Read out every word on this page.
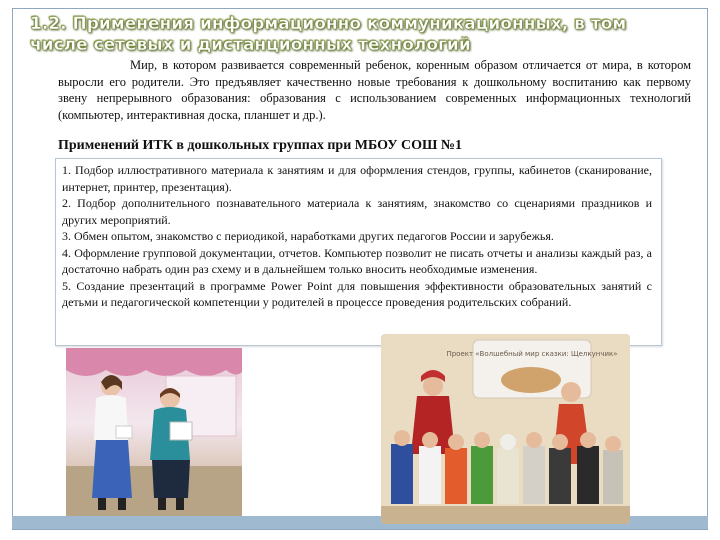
1.2. Применения информационно коммуникационных, в том числе сетевых и дистанционных технологий

Мир, в котором развивается современный ребенок, коренным образом отличается от мира, в котором выросли его родители. Это предъявляет качественно новые требования к дошкольному воспитанию как первому звену непрерывного образования: образования с использованием современных информационных технологий (компьютер, интерактивная доска, планшет и др.).

Применений ИТК в дошкольных группах при МБОУ СОШ №1
1. Подбор иллюстративного материала к занятиям и для оформления стендов, группы, кабинетов (сканирование, интернет, принтер, презентация).
2. Подбор дополнительного познавательного материала к занятиям, знакомство со сценариями праздников и других мероприятий.
3. Обмен опытом, знакомство с периодикой, наработками других педагогов России и зарубежья.
4. Оформление групповой документации, отчетов. Компьютер позволит не писать отчеты и анализы каждый раз, а достаточно набрать один раз схему и в дальнейшем только вносить необходимые изменения.
5. Создание презентаций в программе Power Point для повышения эффективности образовательных занятий с детьми и педагогической компетенции у родителей в процессе проведения родительских собраний.
Проект «Волшебный мир сказки: Щелкунчик»
